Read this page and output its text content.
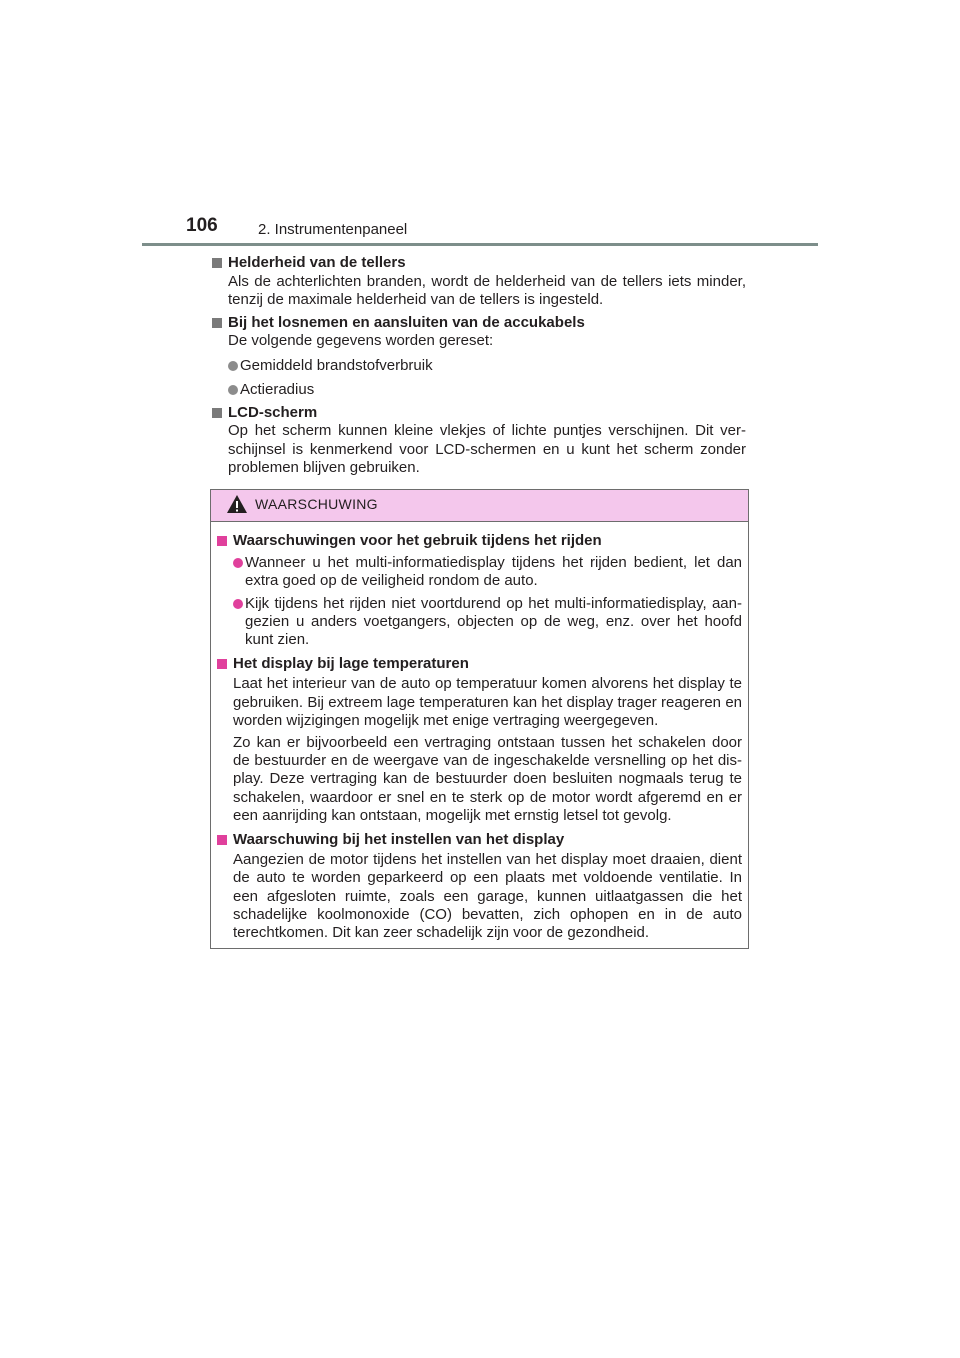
106	2. Instrumentenpaneel
Helderheid van de tellers
Als de achterlichten branden, wordt de helderheid van de tellers iets minder, tenzij de maximale helderheid van de tellers is ingesteld.
Bij het losnemen en aansluiten van de accukabels
De volgende gegevens worden gereset:
Gemiddeld brandstofverbruik
Actieradius
LCD-scherm
Op het scherm kunnen kleine vlekjes of lichte puntjes verschijnen. Dit ver-schijnsel is kenmerkend voor LCD-schermen en u kunt het scherm zonder problemen blijven gebruiken.
WAARSCHUWING
Waarschuwingen voor het gebruik tijdens het rijden
Wanneer u het multi-informatiedisplay tijdens het rijden bedient, let dan extra goed op de veiligheid rondom de auto.
Kijk tijdens het rijden niet voortdurend op het multi-informatiedisplay, aan-gezien u anders voetgangers, objecten op de weg, enz. over het hoofd kunt zien.
Het display bij lage temperaturen
Laat het interieur van de auto op temperatuur komen alvorens het display te gebruiken. Bij extreem lage temperaturen kan het display trager reageren en worden wijzigingen mogelijk met enige vertraging weergegeven.
Zo kan er bijvoorbeeld een vertraging ontstaan tussen het schakelen door de bestuurder en de weergave van de ingeschakelde versnelling op het dis-play. Deze vertraging kan de bestuurder doen besluiten nogmaals terug te schakelen, waardoor er snel en te sterk op de motor wordt afgeremd en er een aanrijding kan ontstaan, mogelijk met ernstig letsel tot gevolg.
Waarschuwing bij het instellen van het display
Aangezien de motor tijdens het instellen van het display moet draaien, dient de auto te worden geparkeerd op een plaats met voldoende ventilatie. In een afgesloten ruimte, zoals een garage, kunnen uitlaatgassen die het schadelijke koolmonoxide (CO) bevatten, zich ophopen en in de auto terechtkomen. Dit kan zeer schadelijk zijn voor de gezondheid.
